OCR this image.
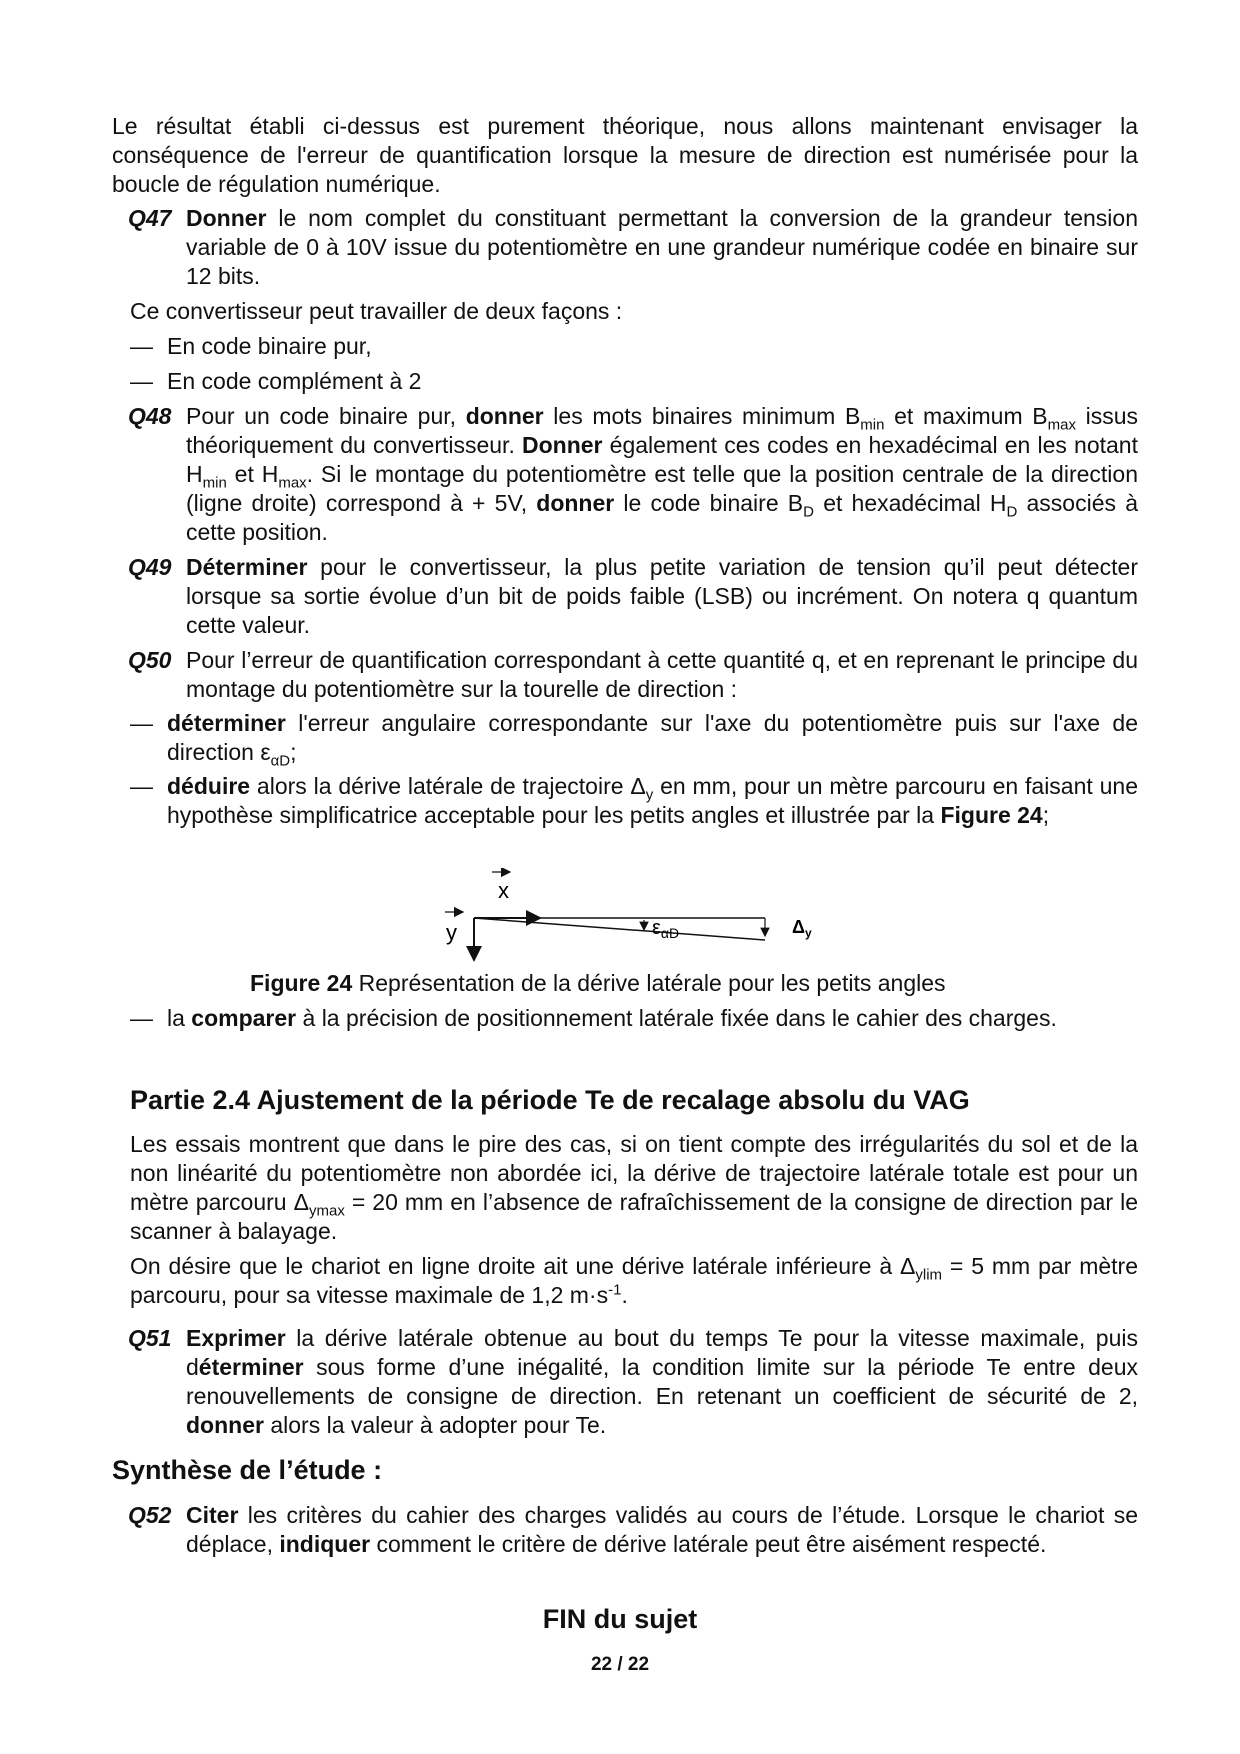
Le résultat établi ci-dessus est purement théorique, nous allons maintenant envisager la conséquence de l'erreur de quantification lorsque la mesure de direction est numérisée pour la boucle de régulation numérique.

Q47 Donner le nom complet du constituant permettant la conversion de la grandeur tension variable de 0 à 10V issue du potentiomètre en une grandeur numérique codée en binaire sur 12 bits.
Ce convertisseur peut travailler de deux façons :
— En code binaire pur,
— En code complément à 2
Q48 Pour un code binaire pur, donner les mots binaires minimum $B_{min}$ et maximum $B_{max}$ issus théoriquement du convertisseur. Donner également ces codes en hexadécimal en les notant $H_{min}$ et $H_{max}$. Si le montage du potentiomètre est telle que la position centrale de la direction (ligne droite) correspond à + 5V, donner le code binaire $B_D$ et hexadécimal $H_D$ associés à cette position.
Q49 Déterminer pour le convertisseur, la plus petite variation de tension qu’il peut détecter lorsque sa sortie évolue d’un bit de poids faible (LSB) ou incrément. On notera q quantum cette valeur.
Q50 Pour l’erreur de quantification correspondant à cette quantité q, et en reprenant le principe du montage du potentiomètre sur la tourelle de direction :
— déterminer l'erreur angulaire correspondante sur l'axe du potentiomètre puis sur l'axe de direction $\varepsilon_{\alpha D}$;
— déduire alors la dérive latérale de trajectoire $\Delta_y$ en mm, pour un mètre parcouru en faisant une hypothèse simplificatrice acceptable pour les petits angles et illustrée par la Figure 24;
x
y	$\varepsilon_{\alpha D}$	$\Delta_y$
Figure 24 Représentation de la dérive latérale pour les petits angles
— la comparer à la précision de positionnement latérale fixée dans le cahier des charges.
Partie 2.4 Ajustement de la période Te de recalage absolu du VAG

Les essais montrent que dans le pire des cas, si on tient compte des irrégularités du sol et de la non linéarité du potentiomètre non abordée ici, la dérive de trajectoire latérale totale est pour un mètre parcouru $\Delta_{ymax} = 20$ mm en l’absence de rafraîchissement de la consigne de direction par le scanner à balayage.

On désire que le chariot en ligne droite ait une dérive latérale inférieure à $\Delta_{ylim} = 5$ mm par mètre parcouru, pour sa vitesse maximale de 1,2 $m\cdot s^{-1}$.

Q51 Exprimer la dérive latérale obtenue au bout du temps Te pour la vitesse maximale, puis déterminer sous forme d’une inégalité, la condition limite sur la période Te entre deux renouvellements de consigne de direction. En retenant un coefficient de sécurité de 2, donner alors la valeur à adopter pour Te.
Synthèse de l’étude :
Q52 Citer les critères du cahier des charges validés au cours de l’étude. Lorsque le chariot se déplace, indiquer comment le critère de dérive latérale peut être aisément respecté.
FIN du sujet
22 / 22
